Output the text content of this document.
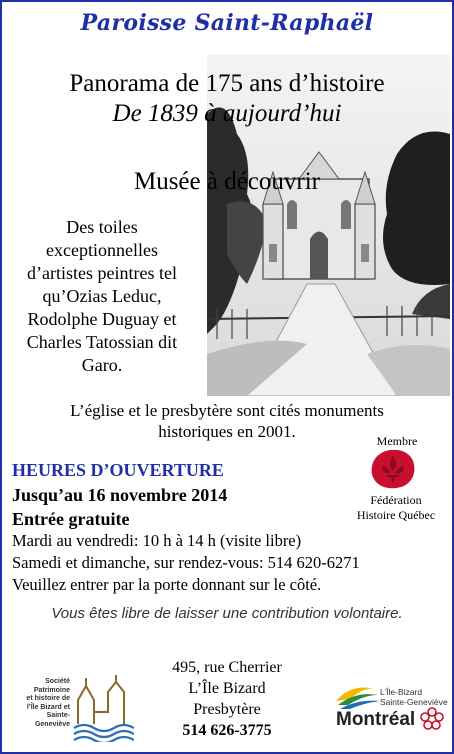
Paroisse Saint-Raphaël
Panorama de 175 ans d’histoire
De 1839 à aujourd’hui
Musée à découvrir
Des toiles
exceptionnelles
d’artistes peintres tel
qu’Ozias Leduc,
Rodolphe Duguay et
Charles Tatossian dit
Garo.
L’église et le presbytère sont cités monuments
historiques en 2001.	Membre
Fédération
Histoire Québec
HEURES D’OUVERTURE
Jusqu’au 16 novembre 2014
Entrée gratuite
Mardi au vendredi: 10 h à 14 h (visite libre)
Samedi et dimanche, sur rendez-vous: 514 620-6271
Veuillez entrer par la porte donnant sur le côté.
Vous êtes libre de laisser une contribution volontaire.
495, rue Cherrier
L’Île Bizard
Presbytère
514 626-3775
Société
Patrimoine
et histoire de
l’Île Bizard et
Sainte-Geneviève
L’Île-Bizard
Sainte-Geneviève
Montréal
